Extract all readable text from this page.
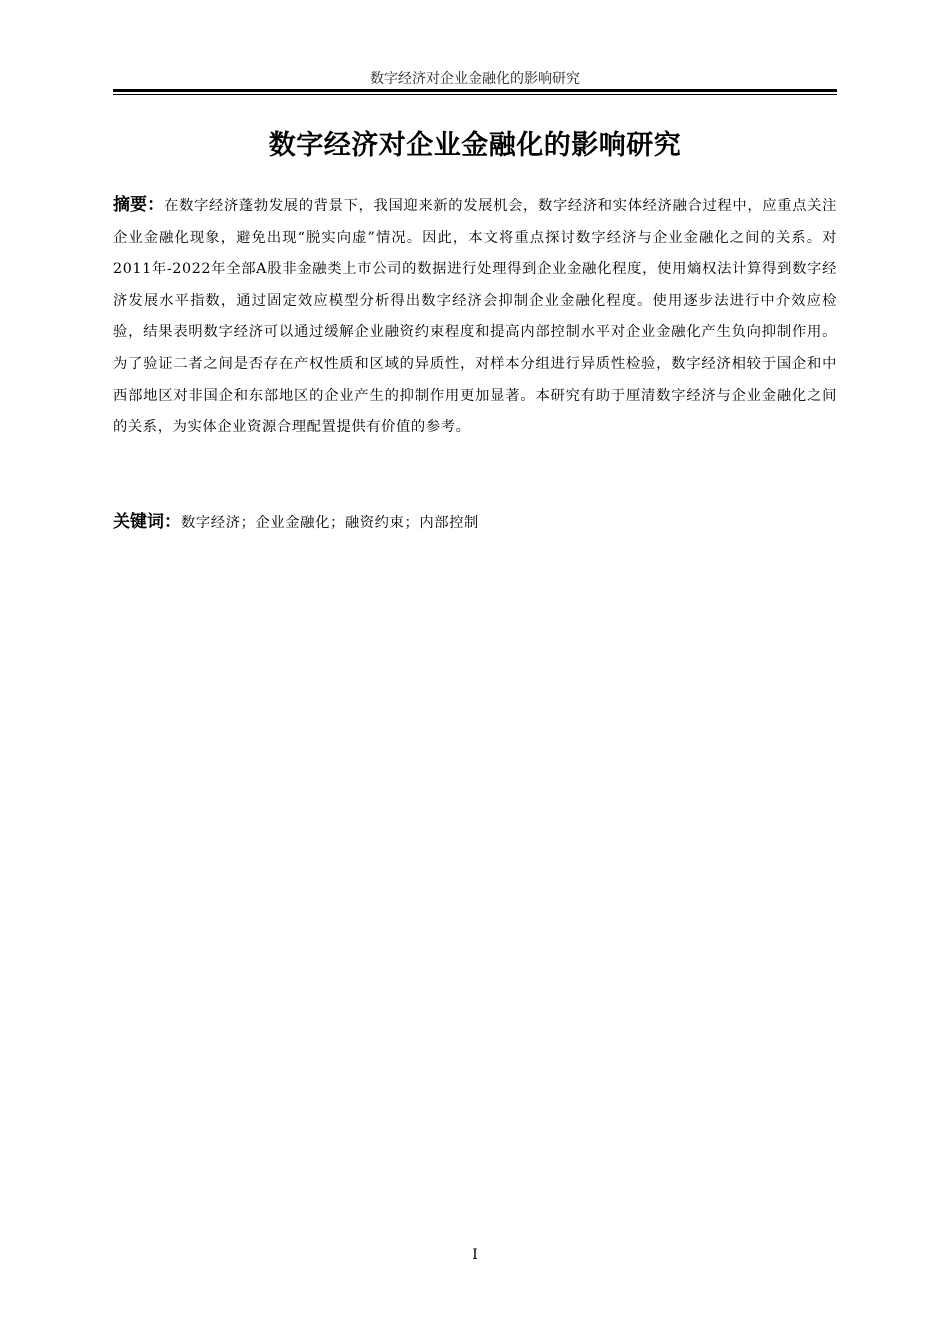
数字经济对企业金融化的影响研究
数字经济对企业金融化的影响研究

摘要：在数字经济蓬勃发展的背景下，我国迎来新的发展机会，数字经济和实体经济融合过程中，应重点关注企业金融化现象，避免出现“脱实向虚”情况。因此，本文将重点探讨数字经济与企业金融化之间的关系。对2011年-2022年全部A股非金融类上市公司的数据进行处理得到企业金融化程度，使用熵权法计算得到数字经济发展水平指数，通过固定效应模型分析得出数字经济会抑制企业金融化程度。使用逐步法进行中介效应检验，结果表明数字经济可以通过缓解企业融资约束程度和提高内部控制水平对企业金融化产生负向抑制作用。为了验证二者之间是否存在产权性质和区域的异质性，对样本分组进行异质性检验，数字经济相较于国企和中西部地区对非国企和东部地区的企业产生的抑制作用更加显著。本研究有助于厘清数字经济与企业金融化之间的关系，为实体企业资源合理配置提供有价值的参考。

关键词：数字经济；企业金融化；融资约束；内部控制

I
